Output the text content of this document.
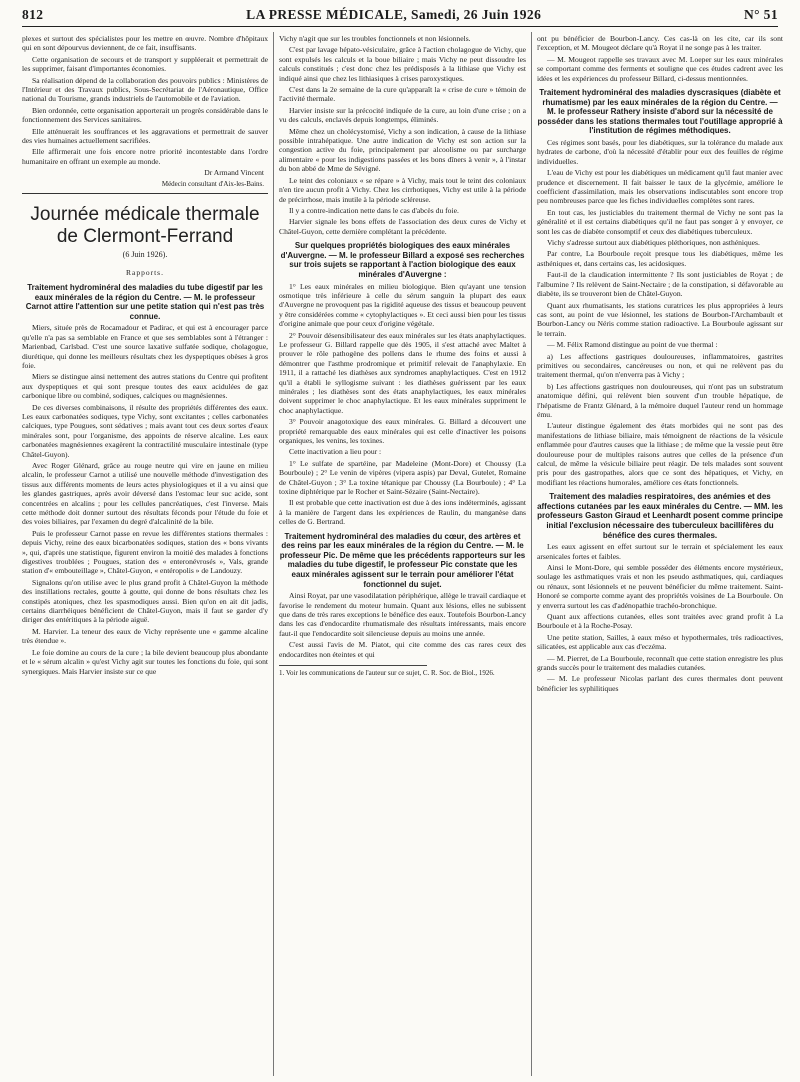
812	LA PRESSE MÉDICALE, Samedi, 26 Juin 1926	N° 51

plexes et surtout des spécialistes pour les mettre en œuvre. Nombre d'hôpitaux qui en sont dépourvus deviennent, de ce fait, insuffisants.

Cette organisation de secours et de transport y suppléerait et permettrait de les supprimer, faisant d'importantes économies.

Sa réalisation dépend de la collaboration des pouvoirs publics : Ministères de l'Intérieur et des Travaux publics, Sous-Secrétariat de l'Aéronautique, Office national du Tourisme, grands industriels de l'automobile et de l'aviation.

Bien ordonnée, cette organisation apporterait un progrès considérable dans le fonctionnement des Services sanitaires.

Elle atténuerait les souffrances et les aggravations et permettrait de sauver des vies humaines actuellement sacrifiées.

Elle affirmerait une fois encore notre priorité incontestable dans l'ordre humanitaire en offrant un exemple au monde.

Dr Armand Vincent

Médecin consultant d'Aix-les-Bains.

Journée médicale thermale de Clermont-Ferrand

(6 Juin 1926).

Rapports.

Traitement hydrominéral des maladies du tube digestif par les eaux minérales de la région du Centre. — M. le professeur Carnot attire l'attention sur une petite station qui n'est pas très connue.

Miers, située près de Rocamadour et Padirac, et qui est à encourager parce qu'elle n'a pas sa semblable en France et que ses semblables sont à l'étranger : Marienbad, Carlsbad. C'est une source laxative sulfatée sodique, cholagogue, diurétique, qui donne les meilleurs résultats chez les dyspeptiques obèses à gros foie.

Miers se distingue ainsi nettement des autres stations du Centre qui profitent aux dyspeptiques et qui sont presque toutes des eaux acidulées de gaz carbonique libre ou combiné, sodiques, calciques ou magnésiennes.

De ces diverses combinaisons, il résulte des propriétés différentes des eaux. Les eaux carbonatées sodiques, type Vichy, sont excitantes ; celles carbonatées calciques, type Pougues, sont sédatives ; mais avant tout ces deux sortes d'eaux minérales sont, pour l'organisme, des appoints de réserve alcaline. Les eaux carbonatées magnésiennes exagèrent la contractilité musculaire intestinale (type Châtel-Guyon).

Avec Roger Glénard, grâce au rouge neutre qui vire en jaune en milieu alcalin, le professeur Carnot a utilisé une nouvelle méthode d'investigation des tissus aux différents moments de leurs actes physiologiques et il a vu ainsi que les glandes gastriques, après avoir déversé dans l'estomac leur suc acide, sont concentrées en alcalins ; pour les cellules pancréatiques, c'est l'inverse. Mais cette méthode doit donner surtout des résultats féconds pour l'étude du foie et des voies biliaires, par l'examen du degré d'alcalinité de la bile.

Puis le professeur Carnot passe en revue les différentes stations thermales : depuis Vichy, reine des eaux bicarbonatées sodiques, station des « bons vivants », qui, d'après une statistique, figurent environ la moitié des malades à fonctions digestives troublées ; Pougues, station des « enteronévrosés », Vals, grande station d'« embouteillage », Châtel-Guyon, « entéropolis » de Landouzy.

Signalons qu'on utilise avec le plus grand profit à Châtel-Guyon la méthode des instillations rectales, goutte à goutte, qui donne de bons résultats chez les constipés atoniques, chez les spasmodiques aussi. Bien qu'on en ait dit jadis, certains diarrhéiques bénéficient de Châtel-Guyon, mais il faut se garder d'y diriger des entéritiques à la période aiguë.

M. Harvier. La teneur des eaux de Vichy représente une « gamme alcaline très étendue ».

Le foie domine au cours de la cure ; la bile devient beaucoup plus abondante et le « sérum alcalin » qu'est Vichy agit sur toutes les fonctions du foie, qui sont synergiques. Mais Harvier insiste sur ce que

Vichy n'agit que sur les troubles fonctionnels et non lésionnels.

C'est par lavage hépato-vésiculaire, grâce à l'action cholagogue de Vichy, que sont expulsés les calculs et la boue biliaire ; mais Vichy ne peut dissoudre les calculs constitués ; c'est donc chez les prédisposés à la lithiase que Vichy est indiqué ainsi que chez les lithiasiques à crises paroxystiques.

C'est dans la 2e semaine de la cure qu'apparaît la « crise de cure » témoin de l'activité thermale.

Harvier insiste sur la précocité indiquée de la cure, au loin d'une crise ; on a vu des calculs, enclavés depuis longtemps, éliminés.

Même chez un cholécystomisé, Vichy a son indication, à cause de la lithiase possible intrahépatique. Une autre indication de Vichy est son action sur la congestion active du foie, principalement par alcoolisme ou par surcharge alimentaire « pour les indigestions passées et les bons dîners à venir », à l'instar du bon abbé de Mme de Sévigné.

Le teint des coloniaux « se répare » à Vichy, mais tout le teint des coloniaux n'en tire aucun profit à Vichy. Chez les cirrhotiques, Vichy est utile à la période de précirrhose, mais inutile à la période scléreuse.

Il y a contre-indication nette dans le cas d'abcès du foie.

Harvier signale les bons effets de l'association des deux cures de Vichy et Châtel-Guyon, cette dernière complétant la précédente.

Sur quelques propriétés biologiques des eaux minérales d'Auvergne. — M. le professeur Billard a exposé ses recherches sur trois sujets se rapportant à l'action biologique des eaux minérales d'Auvergne :

1° Les eaux minérales en milieu biologique. Bien qu'ayant une tension osmotique très inférieure à celle du sérum sanguin la plupart des eaux d'Auvergne ne provoquent pas la rigidité aqueuse des tissus et beaucoup peuvent y être considérées comme « cytophylactiques ». Et ceci aussi bien pour les tissus d'origine animale que pour ceux d'origine végétale.

2° Pouvoir désensibilisateur des eaux minérales sur les états anaphylactiques. Le professeur G. Billard rappelle que dès 1905, il s'est attaché avec Maltet à prouver le rôle pathogène des pollens dans le rhume des foins et aussi à démontrer que l'asthme prodromique et primitif relevait de l'anaphylaxie. En 1911, il a rattaché les diathèses aux syndromes anaphylactiques. C'est en 1912 qu'il a établi le syllogisme suivant : les diathèses guérissent par les eaux minérales ; les diathèses sont des états anaphylactiques, les eaux minérales doivent supprimer le choc anaphylactique. Et les eaux minérales suppriment le choc anaphylactique.

3° Pouvoir anagotoxique des eaux minérales. G. Billard a découvert une propriété remarquable des eaux minérales qui est celle d'inactiver les poisons organiques, les venins, les toxines.

Cette inactivation a lieu pour :

1° Le sulfate de spartéine, par Madeleine (Mont-Dore) et Choussy (La Bourboule) ; 2° Le venin de vipères (vipera aspis) par Deval, Gutelet, Romaine de Châtel-Guyon ; 3° La toxine tétanique par Choussy (La Bourboule) ; 4° La toxine diphtérique par le Rocher et Saint-Sézaire (Saint-Nectaire).

Il est probable que cette inactivation est due à des ions indéterminés, agissant à la manière de l'argent dans les expériences de Raulin, du manganèse dans celles de G. Bertrand.

Traitement hydrominéral des maladies du cœur, des artères et des reins par les eaux minérales de la région du Centre. — M. le professeur Pic. De même que les précédents rapporteurs sur les maladies du tube digestif, le professeur Pic constate que les eaux minérales agissent sur le terrain pour améliorer l'état fonctionnel du sujet.

Ainsi Royat, par une vasodilatation périphérique, allège le travail cardiaque et favorise le rendement du moteur humain. Quant aux lésions, elles ne subissent que dans de très rares exceptions le bénéfice des eaux. Toutefois Bourbon-Lancy dans les cas d'endocardite rhumatismale des résultats intéressants, mais encore faut-il que l'endocardite soit silencieuse depuis au moins une année.

C'est aussi l'avis de M. Piatot, qui cite comme des cas rares ceux des endocardites non éteintes et qui

1. Voir les communications de l'auteur sur ce sujet, C. R. Soc. de Biol., 1926.

ont pu bénéficier de Bourbon-Lancy. Ces cas-là on les cite, car ils sont l'exception, et M. Mougeot déclare qu'à Royat il ne songe pas à les traiter.

— M. Mougeot rappelle ses travaux avec M. Loeper sur les eaux minérales se comportant comme des ferments et souligne que ces études cadrent avec les idées et les expériences du professeur Billard, ci-dessus mentionnées.

Traitement hydrominéral des maladies dyscrasiques (diabète et rhumatisme) par les eaux minérales de la région du Centre. — M. le professeur Rathery insiste d'abord sur la nécessité de posséder dans les stations thermales tout l'outillage approprié à l'institution de régimes méthodiques.

Ces régimes sont basés, pour les diabétiques, sur la tolérance du malade aux hydrates de carbone, d'où la nécessité d'établir pour eux des feuilles de régime individuelles.

L'eau de Vichy est pour les diabétiques un médicament qu'il faut manier avec prudence et discernement. Il fait baisser le taux de la glycémie, améliore le coefficient d'assimilation, mais les observations indiscutables sont encore trop peu nombreuses parce que les fiches individuelles complètes sont rares.

En tout cas, les justiciables du traitement thermal de Vichy ne sont pas la généralité et il est certains diabétiques qu'il ne faut pas songer à y envoyer, ce sont les cas de diabète consomptif et ceux des diabétiques tuberculeux.

Vichy s'adresse surtout aux diabétiques pléthoriques, non asthéniques.

Par contre, La Bourboule reçoit presque tous les diabétiques, même les asthéniques et, dans certains cas, les acidosiques.

Faut-il de la claudication intermittente ? Ils sont justiciables de Royat ; de l'albumine ? Ils relèvent de Saint-Nectaire ; de la constipation, si défavorable au diabète, ils se trouveront bien de Châtel-Guyon.

Quant aux rhumatisants, les stations curatrices les plus appropriées à leurs cas sont, au point de vue lésionnel, les stations de Bourbon-l'Archambault et Bourbon-Lancy ou Néris comme station radioactive. La Bourboule agissant sur le terrain.

— M. Félix Ramond distingue au point de vue thermal :

a) Les affections gastriques douloureuses, inflammatoires, gastrites primitives ou secondaires, cancéreuses ou non, et qui ne relèvent pas du traitement thermal, qu'on n'enverra pas à Vichy ;

b) Les affections gastriques non douloureuses, qui n'ont pas un substratum anatomique défini, qui relèvent bien souvent d'un trouble hépatique, de l'hépatisme de Frantz Glénard, à la mémoire duquel l'auteur rend un hommage ému.

L'auteur distingue également des états morbides qui ne sont pas des manifestations de lithiase biliaire, mais témoignent de réactions de la vésicule enflammée pour d'autres causes que la lithiase ; de même que la vessie peut être douloureuse pour de multiples raisons autres que celles de la présence d'un calcul, de même la vésicule biliaire peut réagir. De tels malades sont souvent pris pour des gastropathes, alors que ce sont des hépatiques, et Vichy, en modifiant les réactions humorales, améliore ces états fonctionnels.

Traitement des maladies respiratoires, des anémies et des affections cutanées par les eaux minérales du Centre. — MM. les professeurs Gaston Giraud et Leenhardt posent comme principe initial l'exclusion nécessaire des tuberculeux bacillifères du bénéfice des cures thermales.

Les eaux agissent en effet surtout sur le terrain et spécialement les eaux arsenicales fortes et faibles.

Ainsi le Mont-Dore, qui semble posséder des éléments encore mystérieux, soulage les asthmatiques vrais et non les pseudo asthmatiques, qui, cardiaques ou rénaux, sont lésionnels et ne peuvent bénéficier du même traitement. Saint-Honoré se comporte comme ayant des propriétés voisines de La Bourboule. On y enverra surtout les cas d'adénopathie trachéo-bronchique.

Quant aux affections cutanées, elles sont traitées avec grand profit à La Bourboule et à la Roche-Posay.

Une petite station, Sailles, à eaux méso et hypothermales, très radioactives, silicatées, est applicable aux cas d'eczéma.

— M. Pierret, de La Bourboule, reconnaît que cette station enregistre les plus grands succès pour le traitement des maladies cutanées.

— M. Le professeur Nicolas parlant des cures thermales dont peuvent bénéficier les syphilitiques
